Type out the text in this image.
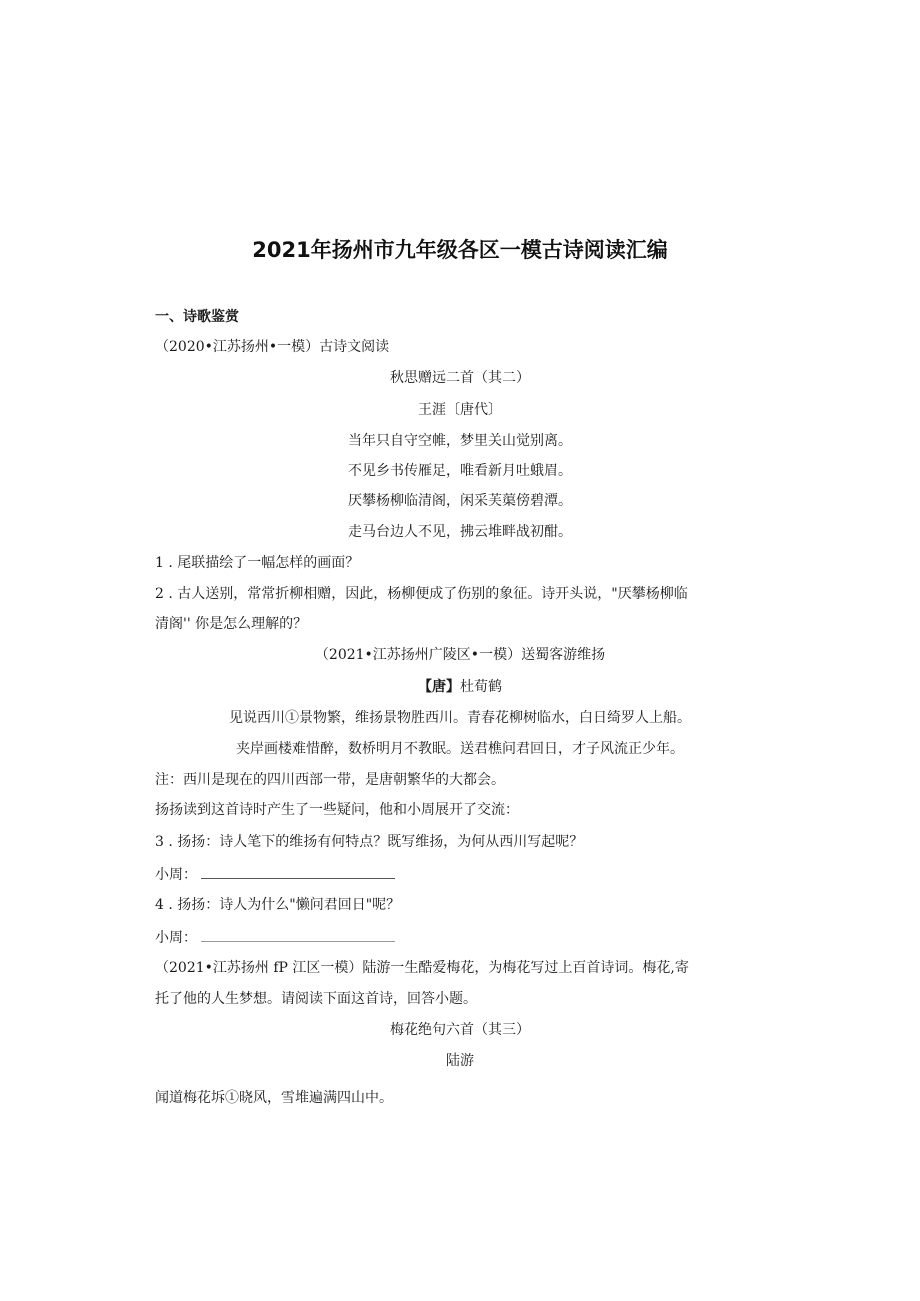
2021年扬州市九年级各区一模古诗阅读汇编
一、诗歌鉴赏
（2020•江苏扬州•一模）古诗文阅读
秋思赠远二首（其二）
王涯〔唐代〕
当年只自守空帷，梦里关山觉别离。
不见乡书传雁足，唯看新月吐蛾眉。
厌攀杨柳临清阁，闲采芙蕖傍碧潭。
走马台边人不见，拂云堆畔战初酣。
1 . 尾联描绘了一幅怎样的画面？
2 . 古人送别，常常折柳相赠，因此，杨柳便成了伤别的象征。诗开头说，"厌攀杨柳临
清阁'' 你是怎么理解的？
（2021•江苏扬州广陵区•一模）送蜀客游维扬
【唐】杜荀鹤
见说西川①景物繁，维扬景物胜西川。青春花柳树临水，白日绮罗人上船。
夹岸画楼难惜醉，数桥明月不教眠。送君樵问君回日，才子风流正少年。
注：西川是现在的四川西部一带，是唐朝繁华的大都会。
扬扬读到这首诗时产生了一些疑问，他和小周展开了交流：
3 . 扬扬：诗人笔下的维扬有何特点？既写维扬，为何从西川写起呢？
小周：
4 . 扬扬：诗人为什么"懒问君回日"呢？
小周：
（2021•江苏扬州 fP 江区一模）陆游一生酷爱梅花，为梅花写过上百首诗词。梅花,寄
托了他的人生梦想。请阅读下面这首诗，回答小题。
梅花绝句六首（其三）
陆游
闻道梅花坼①晓风，雪堆遍满四山中。
